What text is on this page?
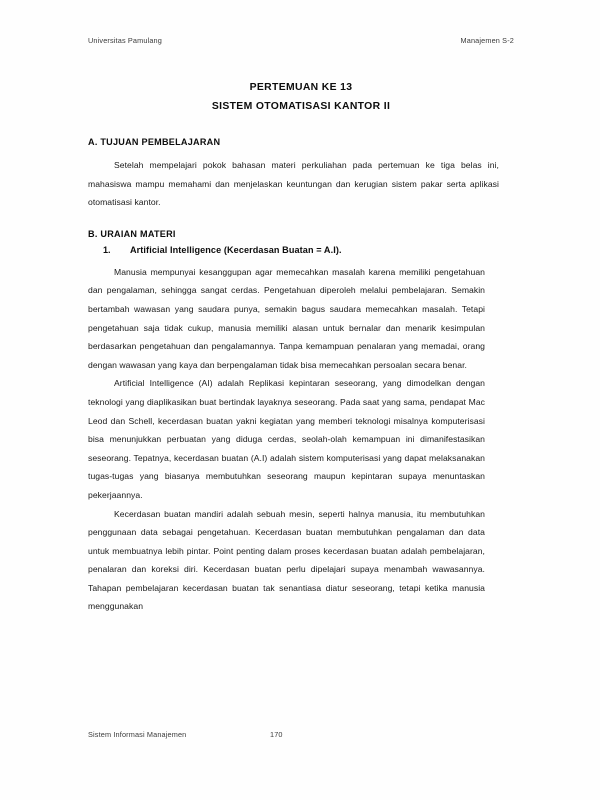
Universitas Pamulang	Manajemen S-2
PERTEMUAN KE 13
SISTEM OTOMATISASI KANTOR II
A. TUJUAN PEMBELAJARAN

Setelah mempelajari pokok bahasan materi perkuliahan pada pertemuan ke tiga belas ini, mahasiswa mampu memahami dan menjelaskan keuntungan dan kerugian sistem pakar serta aplikasi otomatisasi kantor.

B. URAIAN MATERI
1.	Artificial Intelligence (Kecerdasan Buatan = A.I).

Manusia mempunyai kesanggupan agar memecahkan masalah karena memiliki pengetahuan dan pengalaman, sehingga sangat cerdas. Pengetahuan diperoleh melalui pembelajaran. Semakin bertambah wawasan yang saudara punya, semakin bagus saudara memecahkan masalah. Tetapi pengetahuan saja tidak cukup, manusia memiliki alasan untuk bernalar dan menarik kesimpulan berdasarkan pengetahuan dan pengalamannya. Tanpa kemampuan penalaran yang memadai, orang dengan wawasan yang kaya dan berpengalaman tidak bisa memecahkan persoalan secara benar.

Artificial Intelligence (AI) adalah Replikasi kepintaran seseorang, yang dimodelkan dengan teknologi yang diaplikasikan buat bertindak layaknya seseorang. Pada saat yang sama, pendapat Mac Leod dan Schell, kecerdasan buatan yakni kegiatan yang memberi teknologi misalnya komputerisasi bisa menunjukkan perbuatan yang diduga cerdas, seolah-olah kemampuan ini dimanifestasikan seseorang. Tepatnya, kecerdasan buatan (A.I) adalah sistem komputerisasi yang dapat melaksanakan tugas-tugas yang biasanya membutuhkan seseorang maupun kepintaran supaya menuntaskan pekerjaannya.

Kecerdasan buatan mandiri adalah sebuah mesin, seperti halnya manusia, itu membutuhkan penggunaan data sebagai pengetahuan. Kecerdasan buatan membutuhkan pengalaman dan data untuk membuatnya lebih pintar. Point penting dalam proses kecerdasan buatan adalah pembelajaran, penalaran dan koreksi diri. Kecerdasan buatan perlu dipelajari supaya menambah wawasannya. Tahapan pembelajaran kecerdasan buatan tak senantiasa diatur seseorang, tetapi ketika manusia menggunakan

Sistem Informasi Manajemen	170
